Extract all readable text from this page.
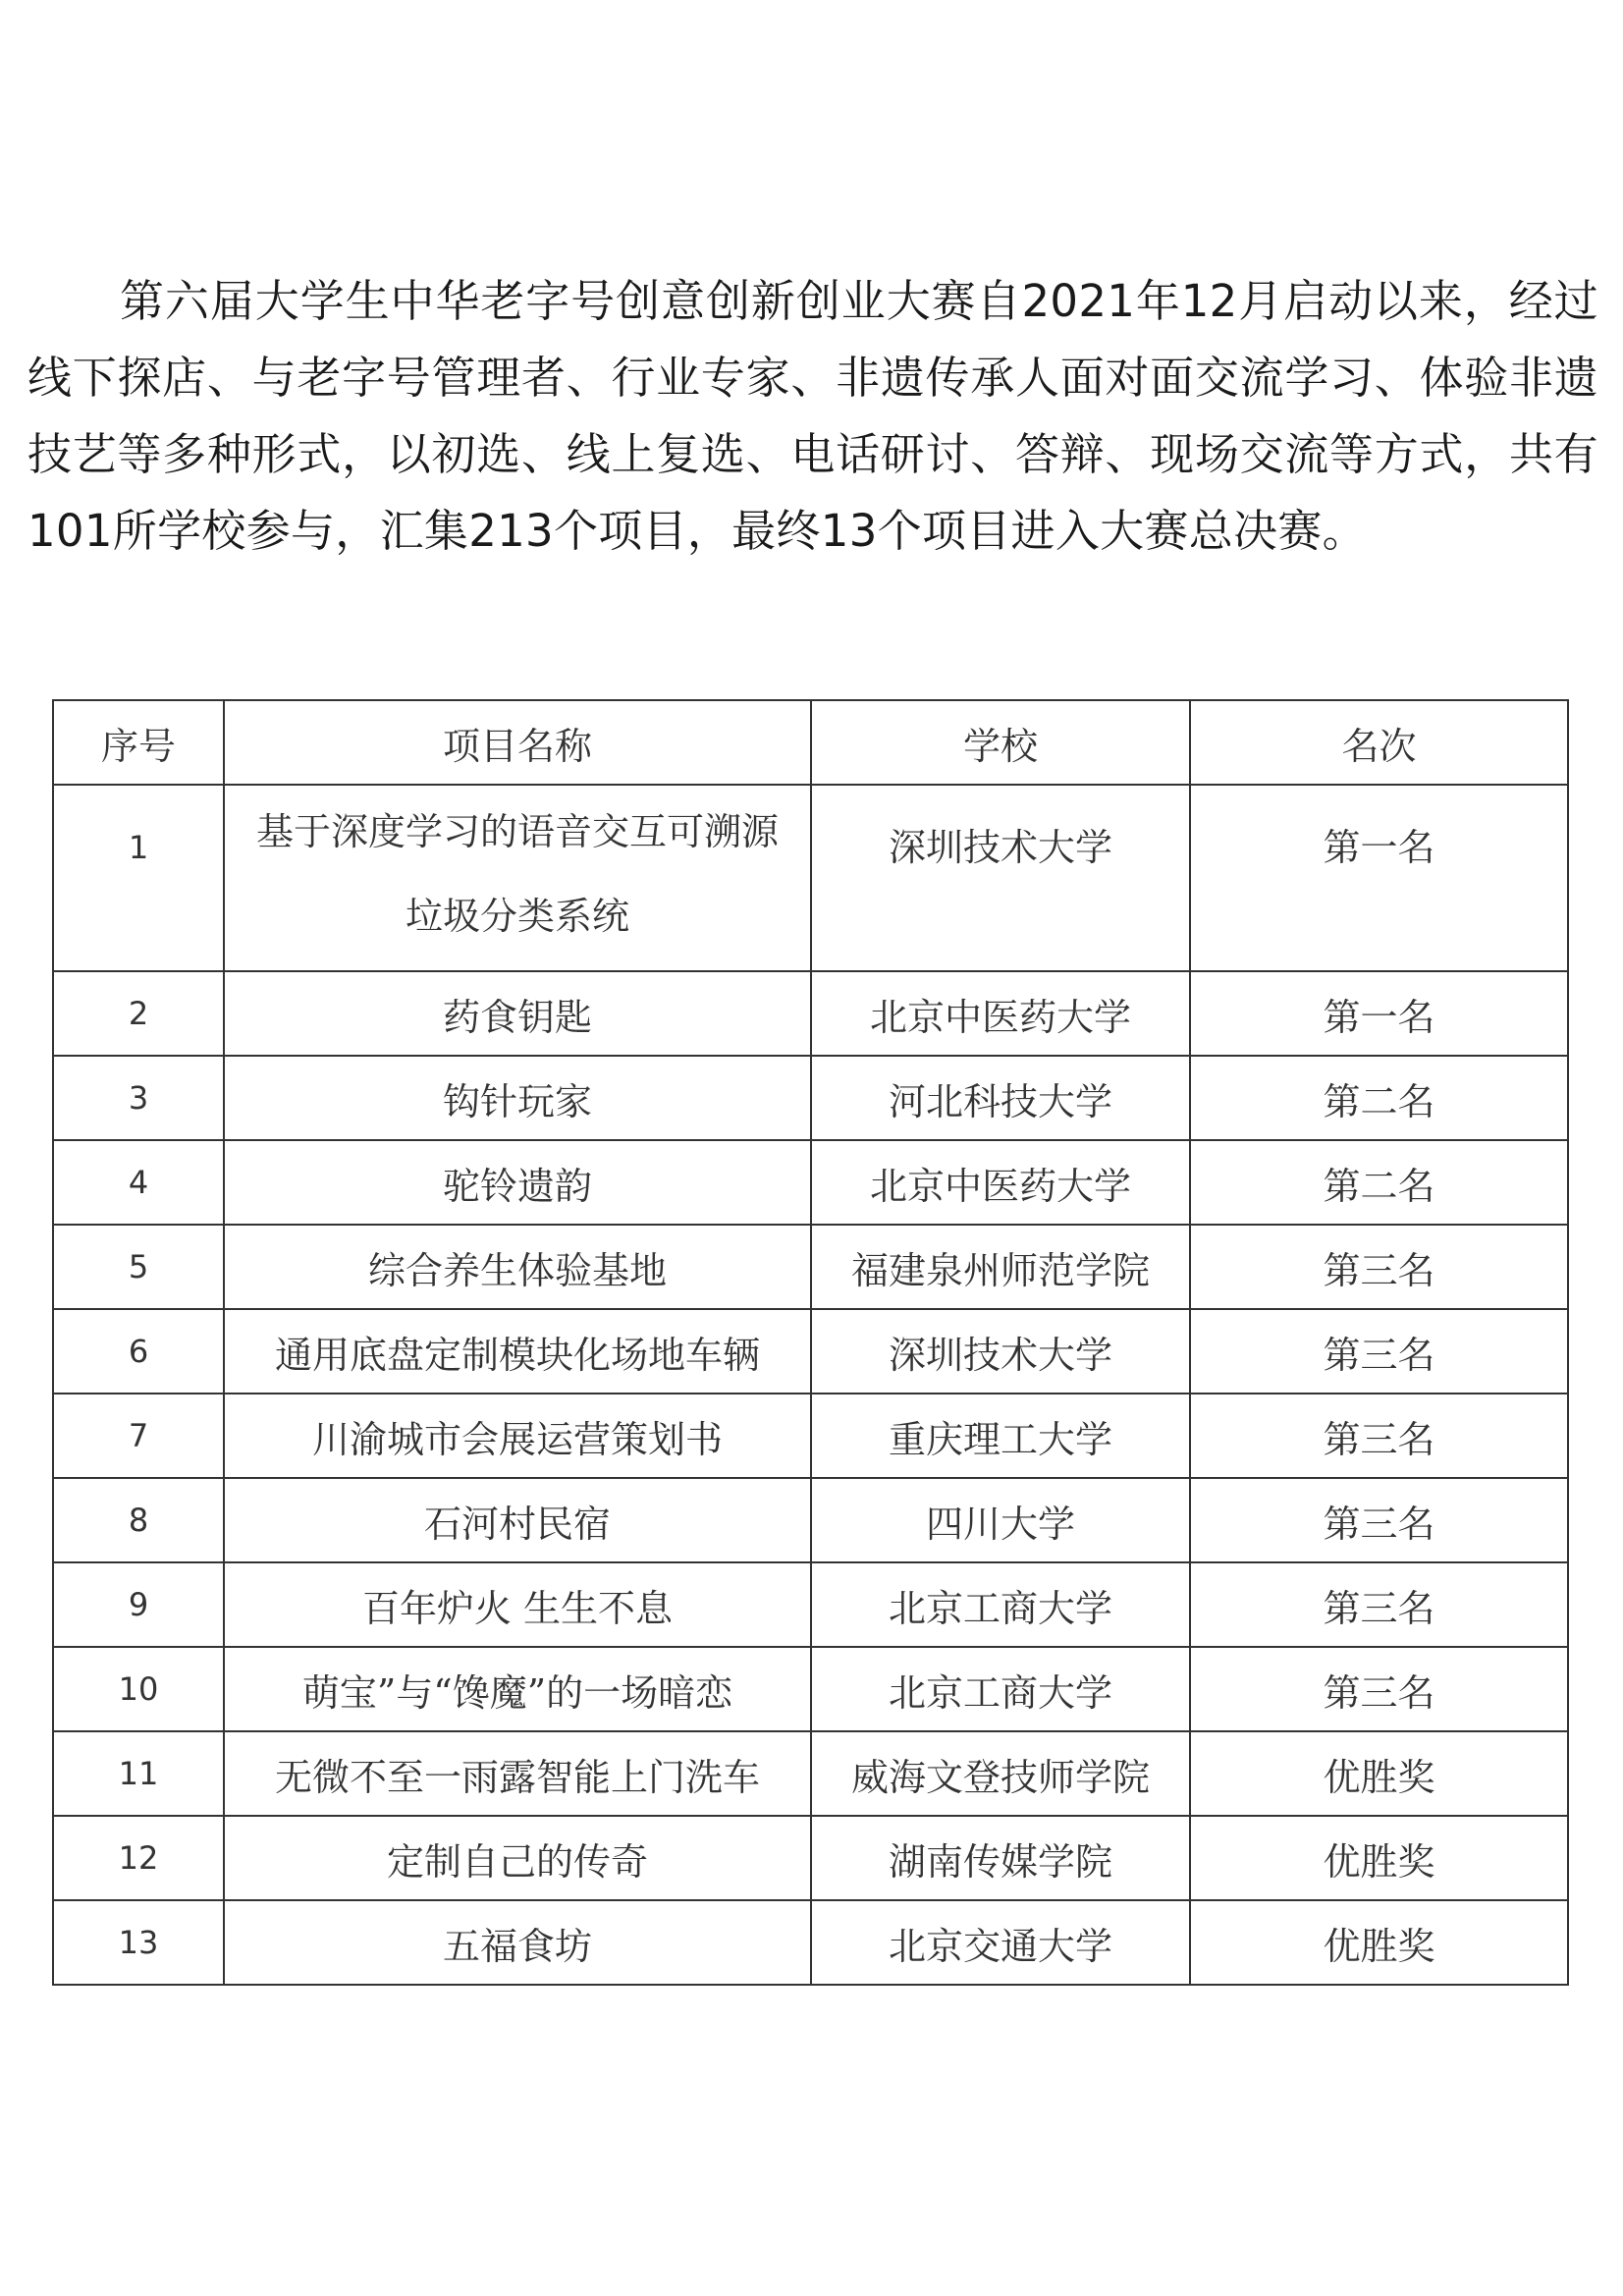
第六届大学生中华老字号创意创新创业大赛自2021年12月启动以来，经过线下探店、与老字号管理者、行业专家、非遗传承人面对面交流学习、体验非遗技艺等多种形式，以初选、线上复选、电话研讨、答辩、现场交流等方式，共有101所学校参与，汇集213个项目，最终13个项目进入大赛总决赛。

序号	项目名称	学校	名次
1	基于深度学习的语音交互可溯源垃圾分类系统	深圳技术大学	第一名
2	药食钥匙	北京中医药大学	第一名
3	钩针玩家	河北科技大学	第二名
4	驼铃遗韵	北京中医药大学	第二名
5	综合养生体验基地	福建泉州师范学院	第三名
6	通用底盘定制模块化场地车辆	深圳技术大学	第三名
7	川渝城市会展运营策划书	重庆理工大学	第三名
8	石河村民宿	四川大学	第三名
9	百年炉火 生生不息	北京工商大学	第三名
10	萌宝”与“馋魔”的一场暗恋	北京工商大学	第三名
11	无微不至一雨露智能上门洗车	威海文登技师学院	优胜奖
12	定制自己的传奇	湖南传媒学院	优胜奖
13	五福食坊	北京交通大学	优胜奖
